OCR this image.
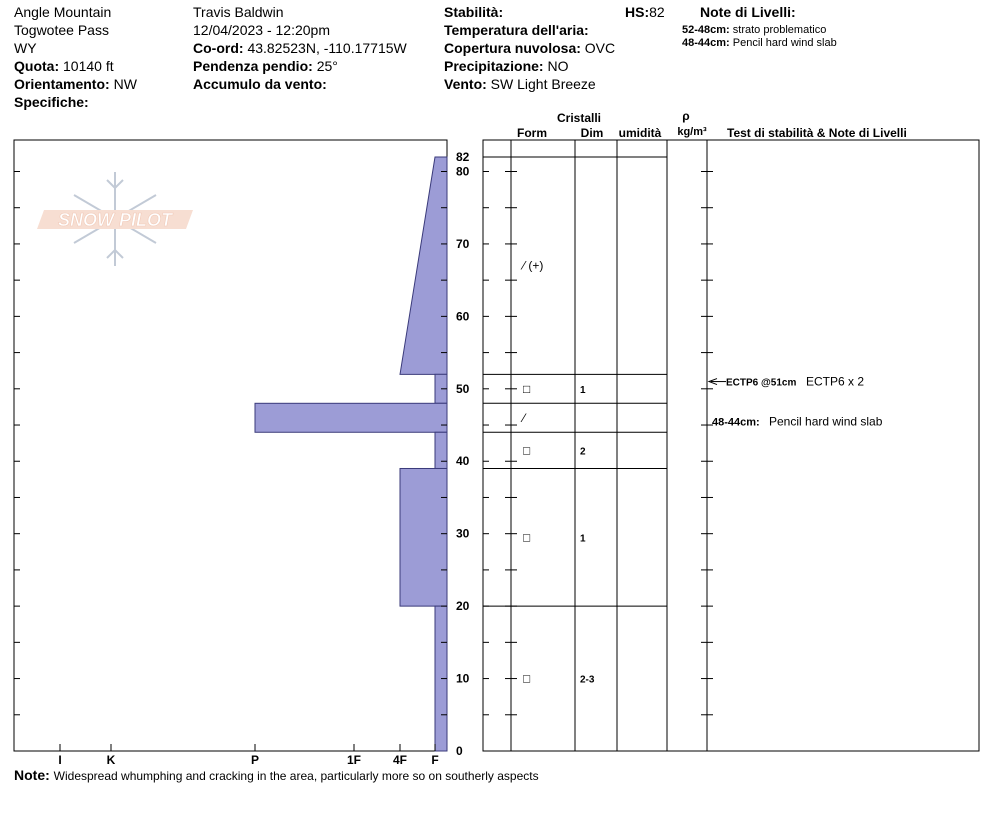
Angle Mountain
Togwotee Pass
WY
Quota: 10140 ft
Orientamento: NW
Specifiche:
Travis Baldwin
12/04/2023 - 12:20pm
Co-ord: 43.82523N, -110.17715W
Pendenza pendio: 25°
Accumulo da vento:
Stabilità:
Temperatura dell'aria:
Copertura nuvolosa: OVC
Precipitazione: NO
Vento: SW Light Breeze
HS:82	Note di Livelli:
52-48cm: strato problematico
48-44cm: Pencil hard wind slab
SNOW PILOT
I	K	P	1F	4F F
0
10
20
30
40
50
60
70
80
82
⁄ (+)
□	1
⁄
□	2
□	1
□	2-3
ECTP6 @51cm ECTP6 x 2
48-44cm: Pencil hard wind slab
Cristalli
Form	Dim umidità
ρ
kg/m³ Test di stabilità & Note di Livelli
Note: Widespread whumphing and cracking in the area, particularly more so on southerly aspects
